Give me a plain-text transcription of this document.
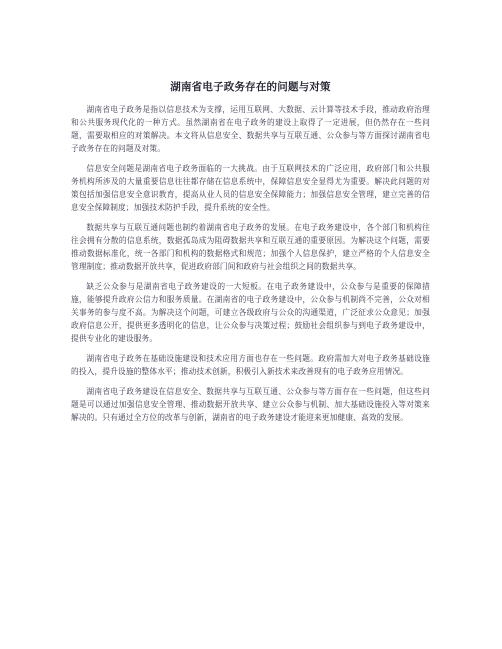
湖南省电子政务存在的问题与对策

湖南省电子政务是指以信息技术为支撑，运用互联网、大数据、云计算等技术手段，推动政府治理和公共服务现代化的一种方式。虽然湖南省在电子政务的建设上取得了一定进展，但仍然存在一些问题，需要取相应的对策解决。本文将从信息安全、数据共享与互联互通、公众参与等方面探讨湖南省电子政务存在的问题及对策。

信息安全问题是湖南省电子政务面临的一大挑战。由于互联网技术的广泛应用，政府部门和公共服务机构所涉及的大量重要信息往往都存储在信息系统中，保障信息安全显得尤为重要。解决此问题的对策包括加强信息安全意识教育，提高从业人员的信息安全保障能力；加强信息安全管理，建立完善的信息安全保障制度；加强技术防护手段，提升系统的安全性。

数据共享与互联互通问题也制约着湖南省电子政务的发展。在电子政务建设中，各个部门和机构往往会拥有分散的信息系统，数据孤岛成为阻碍数据共享和互联互通的重要原因。为解决这个问题，需要推动数据标准化，统一各部门和机构的数据格式和规范；加强个人信息保护，建立严格的个人信息安全管理制度；推动数据开放共享，促进政府部门间和政府与社会组织之间的数据共享。

缺乏公众参与是湖南省电子政务建设的一大短板。在电子政务建设中，公众参与是重要的保障措施，能够提升政府公信力和服务质量。在湖南省的电子政务建设中，公众参与机制尚不完善，公众对相关事务的参与度不高。为解决这个问题，可建立各级政府与公众的沟通渠道，广泛征求公众意见；加强政府信息公开，提供更多透明化的信息，让公众参与决策过程；鼓励社会组织参与到电子政务建设中，提供专业化的建设服务。

湖南省电子政务在基础设施建设和技术应用方面也存在一些问题。政府需加大对电子政务基础设施的投入，提升设施的整体水平；推动技术创新，积极引入新技术来改善现有的电子政务应用情况。

湖南省电子政务建设在信息安全、数据共享与互联互通、公众参与等方面存在一些问题，但这些问题是可以通过加强信息安全管理、推动数据开放共享、建立公众参与机制、加大基础设施投入等对策来解决的。只有通过全方位的改革与创新，湖南省的电子政务建设才能迎来更加健康、高效的发展。
